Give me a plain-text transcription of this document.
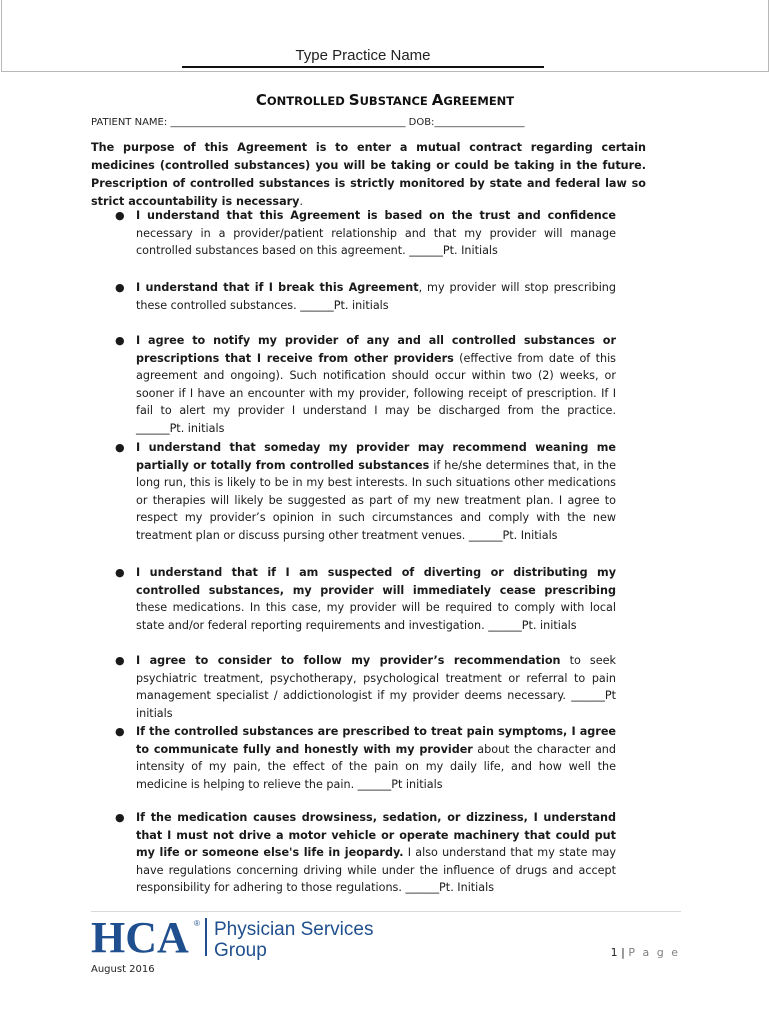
Type Practice Name
CONTROLLED SUBSTANCE AGREEMENT
PATIENT NAME: _______________________________________________ DOB:__________________
The purpose of this Agreement is to enter a mutual contract regarding certain medicines (controlled substances) you will be taking or could be taking in the future. Prescription of controlled substances is strictly monitored by state and federal law so strict accountability is necessary.
● I understand that this Agreement is based on the trust and confidence necessary in a provider/patient relationship and that my provider will manage controlled substances based on this agreement. ______Pt. Initials
● I understand that if I break this Agreement, my provider will stop prescribing these controlled substances. ______Pt. initials
● I agree to notify my provider of any and all controlled substances or prescriptions that I receive from other providers (effective from date of this agreement and ongoing). Such notification should occur within two (2) weeks, or sooner if I have an encounter with my provider, following receipt of prescription. If I fail to alert my provider I understand I may be discharged from the practice. ______Pt. initials
● I understand that someday my provider may recommend weaning me partially or totally from controlled substances if he/she determines that, in the long run, this is likely to be in my best interests. In such situations other medications or therapies will likely be suggested as part of my new treatment plan. I agree to respect my provider’s opinion in such circumstances and comply with the new treatment plan or discuss pursing other treatment venues. ______Pt. Initials
● I understand that if I am suspected of diverting or distributing my controlled substances, my provider will immediately cease prescribing these medications. In this case, my provider will be required to comply with local state and/or federal reporting requirements and investigation. ______Pt. initials
● I agree to consider to follow my provider’s recommendation to seek psychiatric treatment, psychotherapy, psychological treatment or referral to pain management specialist / addictionologist if my provider deems necessary. ______Pt initials
● If the controlled substances are prescribed to treat pain symptoms, I agree to communicate fully and honestly with my provider about the character and intensity of my pain, the effect of the pain on my daily life, and how well the medicine is helping to relieve the pain. ______Pt initials
● If the medication causes drowsiness, sedation, or dizziness, I understand that I must not drive a motor vehicle or operate machinery that could put my life or someone else's life in jeopardy. I also understand that my state may have regulations concerning driving while under the influence of drugs and accept responsibility for adhering to those regulations. ______Pt. Initials
HCA ® Physician Services
Group	1 | P a g e
August 2016
